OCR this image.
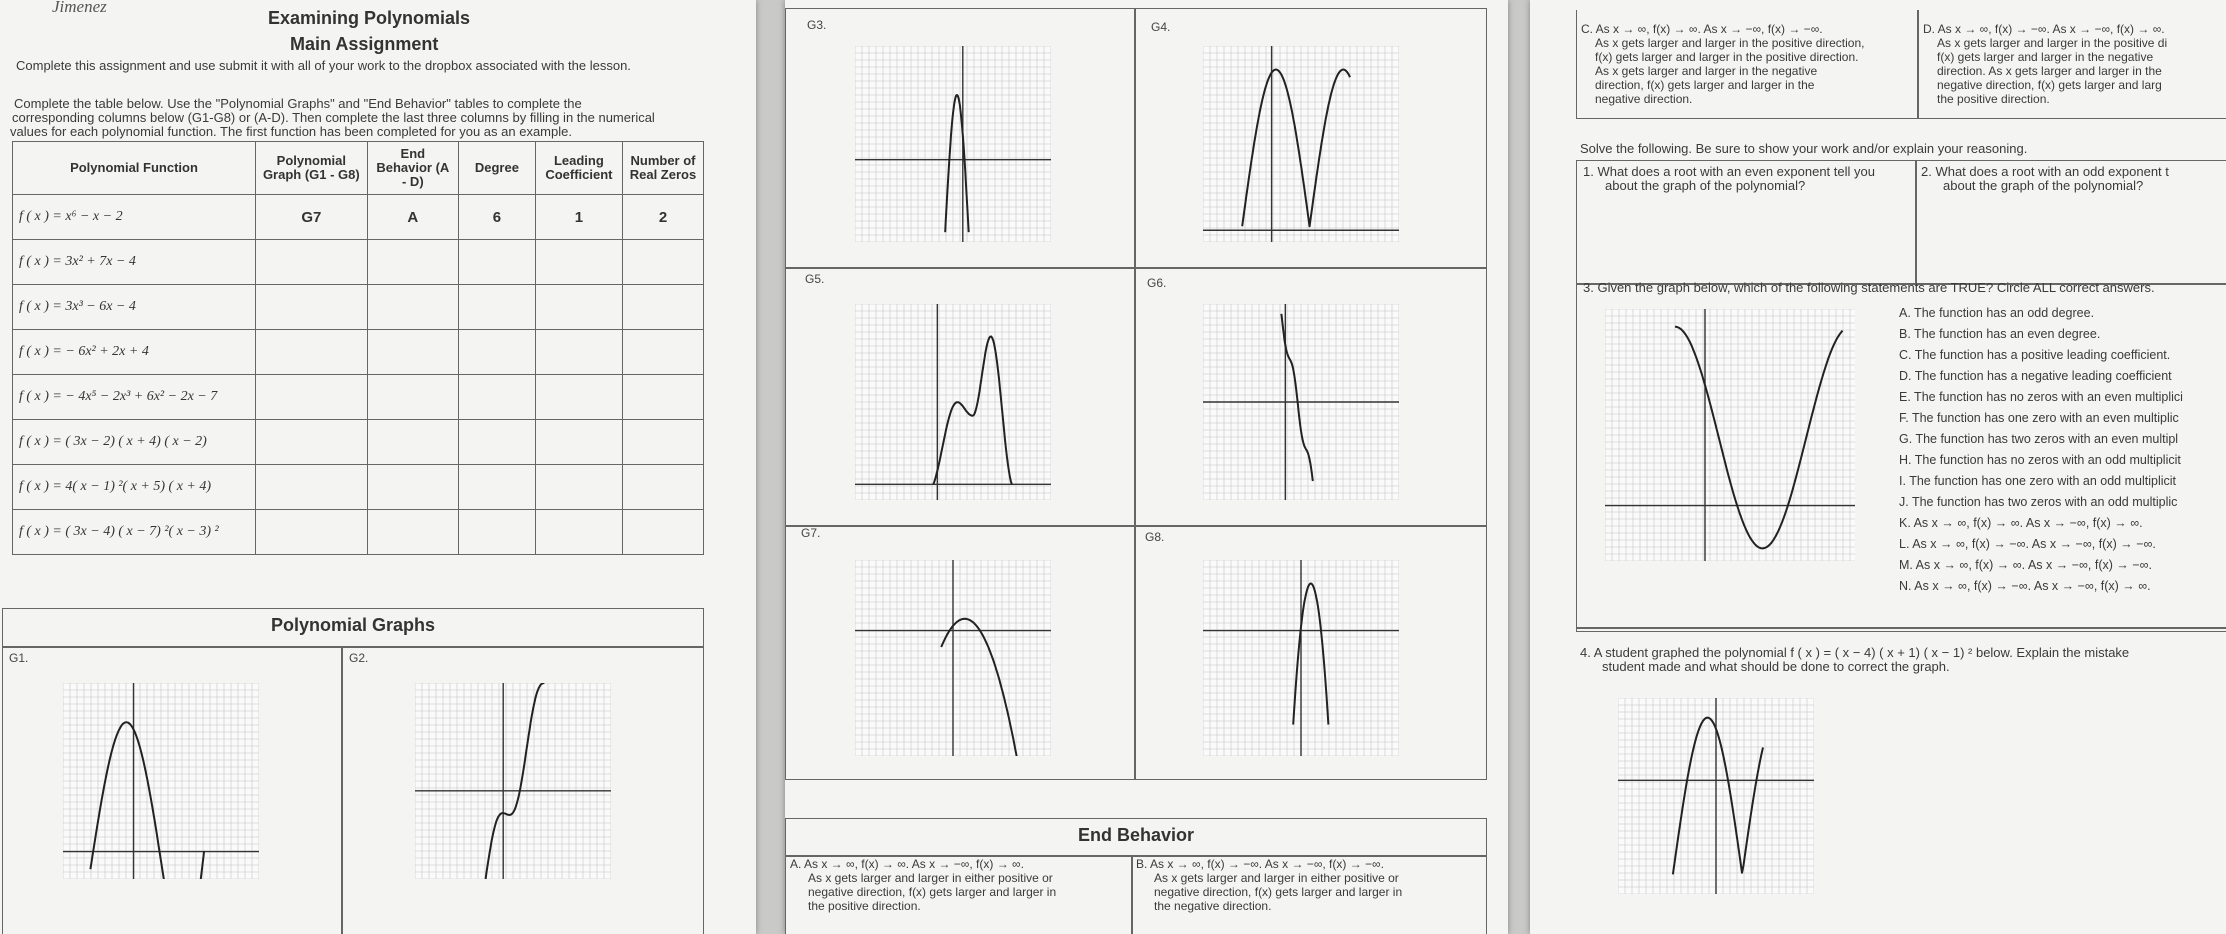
Jimenez
Examining Polynomials
Main Assignment
Complete this assignment and use submit it with all of your work to the dropbox associated with the lesson.
Complete the table below. Use the "Polynomial Graphs" and "End Behavior" tables to complete the
corresponding columns below (G1-G8) or (A-D). Then complete the last three columns by filling in the numerical
values for each polynomial function. The first function has been completed for you as an example.
Polynomial Function	Polynomial Graph (G1 - G8)	End Behavior (A - D)	Degree	Leading Coefficient	Number of Real Zeros
f ( x ) = x⁶ − x − 2	G7	A	6	1	2
f ( x ) = 3x² + 7x − 4					
f ( x ) = 3x³ − 6x − 4					
f ( x ) = − 6x² + 2x + 4					
f ( x ) = − 4x⁵ − 2x³ + 6x² − 2x − 7					
f ( x ) = ( 3x − 2) ( x + 4) ( x − 2)					
f ( x ) = 4( x − 1) ²( x + 5) ( x + 4)					
f ( x ) = ( 3x − 4) ( x − 7) ²( x − 3) ²					
Polynomial Graphs
G1.	G2.
G3.	G4.
G5.	G6.
G7.	G8.
End Behavior
A. As x → ∞, f(x) → ∞. As x → −∞, f(x) → ∞.
As x gets larger and larger in either positive or
negative direction, f(x) gets larger and larger in
the positive direction.
B. As x → ∞, f(x) → −∞. As x → −∞, f(x) → −∞.
As x gets larger and larger in either positive or
negative direction, f(x) gets larger and larger in
the negative direction.
C. As x → ∞, f(x) → ∞. As x → −∞, f(x) → −∞.
As x gets larger and larger in the positive direction,
f(x) gets larger and larger in the positive direction.
As x gets larger and larger in the negative
direction, f(x) gets larger and larger in the
negative direction.
D. As x → ∞, f(x) → −∞. As x → −∞, f(x) → ∞.
As x gets larger and larger in the positive di
f(x) gets larger and larger in the negative
direction. As x gets larger and larger in the
negative direction, f(x) gets larger and larg
the positive direction.
Solve the following. Be sure to show your work and/or explain your reasoning.
1. What does a root with an even exponent tell you
about the graph of the polynomial?
2. What does a root with an odd exponent t
about the graph of the polynomial?
3. Given the graph below, which of the following statements are TRUE? Circle ALL correct answers.
A. The function has an odd degree.
B. The function has an even degree.
C. The function has a positive leading coefficient.
D. The function has a negative leading coefficient
E. The function has no zeros with an even multiplici
F. The function has one zero with an even multiplic
G. The function has two zeros with an even multipl
H. The function has no zeros with an odd multiplicit
I. The function has one zero with an odd multiplicit
J. The function has two zeros with an odd multiplic
K. As x → ∞, f(x) → ∞. As x → −∞, f(x) → ∞.
L. As x → ∞, f(x) → −∞. As x → −∞, f(x) → −∞.
M. As x → ∞, f(x) → ∞. As x → −∞, f(x) → −∞.
N. As x → ∞, f(x) → −∞. As x → −∞, f(x) → ∞.
4. A student graphed the polynomial f ( x ) = ( x − 4) ( x + 1) ( x − 1) ² below. Explain the mistake
student made and what should be done to correct the graph.
